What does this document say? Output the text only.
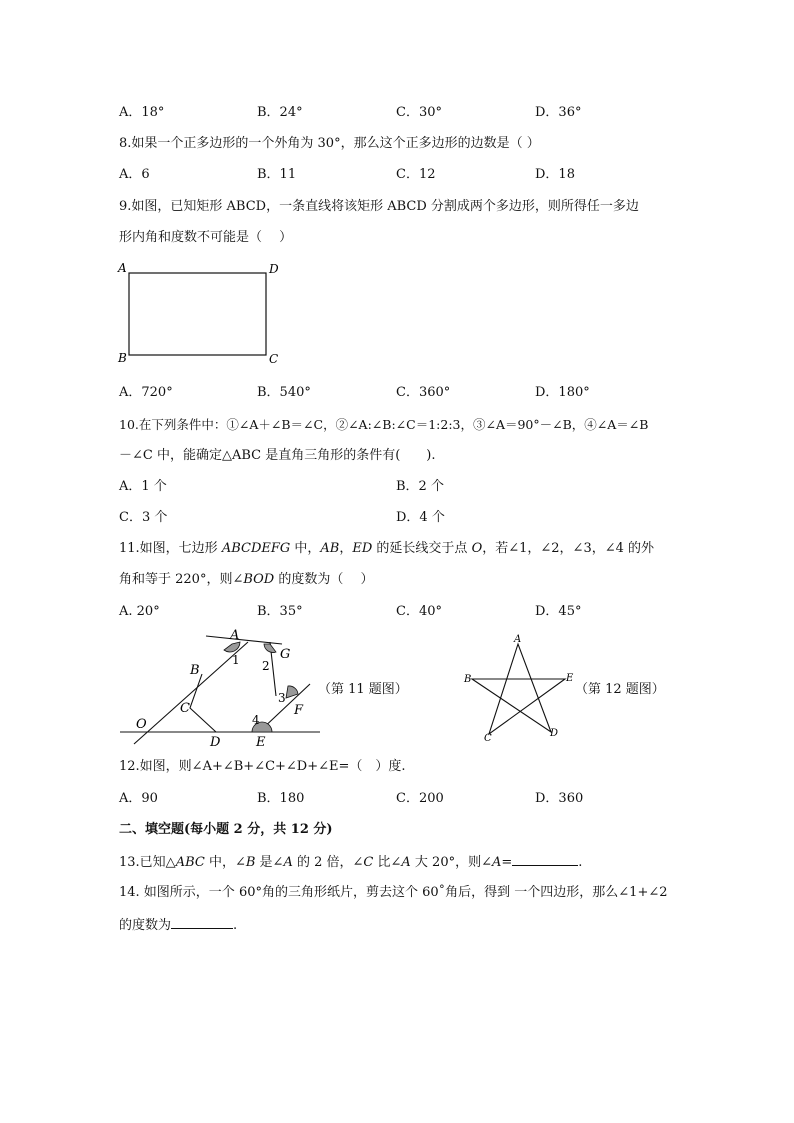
A．18°	B．24°	C．30°	D．36°
8.如果一个正多边形的一个外角为 30°，那么这个正多边形的边数是（ ）
A．6	B．11	C．12	D．18
9.如图，已知矩形 ABCD，一条直线将该矩形 ABCD 分割成两个多边形，则所得任一多边
形内角和度数不可能是（　 ）
A	D
B	C
A．720°	B．540°	C．360°	D．180°
10.在下列条件中：①∠A＋∠B＝∠C，②∠A:∠B:∠C＝1:2:3，③∠A＝90°－∠B，④∠A＝∠B
－∠C 中，能确定△ABC 是直角三角形的条件有(　　).
A．1 个	B．2 个
C．3 个	D．4 个
11.如图，七边形 ABCDEFG 中，AB，ED 的延长线交于点 O，若∠1，∠2，∠3，∠4 的外
角和等于 220°，则∠BOD 的度数为（　 ）
A. 20°	B．35°	C．40°	D．45°
A
G
B
C	F
D	E
O
1 2
3
4
（第 11 题图）
A
B	E
C	D
（第 12 题图）
12.如图，则∠A+∠B+∠C+∠D+∠E=（　）度.
A．90	B．180	C．200	D．360
二、填空题(每小题 2 分，共 12 分)
13.已知△ABC 中，∠B 是∠A 的 2 倍，∠C 比∠A 大 20°，则∠A=	.
14. 如图所示，一个 60°角的三角形纸片，剪去这个 60˚角后，得到 一个四边形，那么∠1+∠2
的度数为	.
